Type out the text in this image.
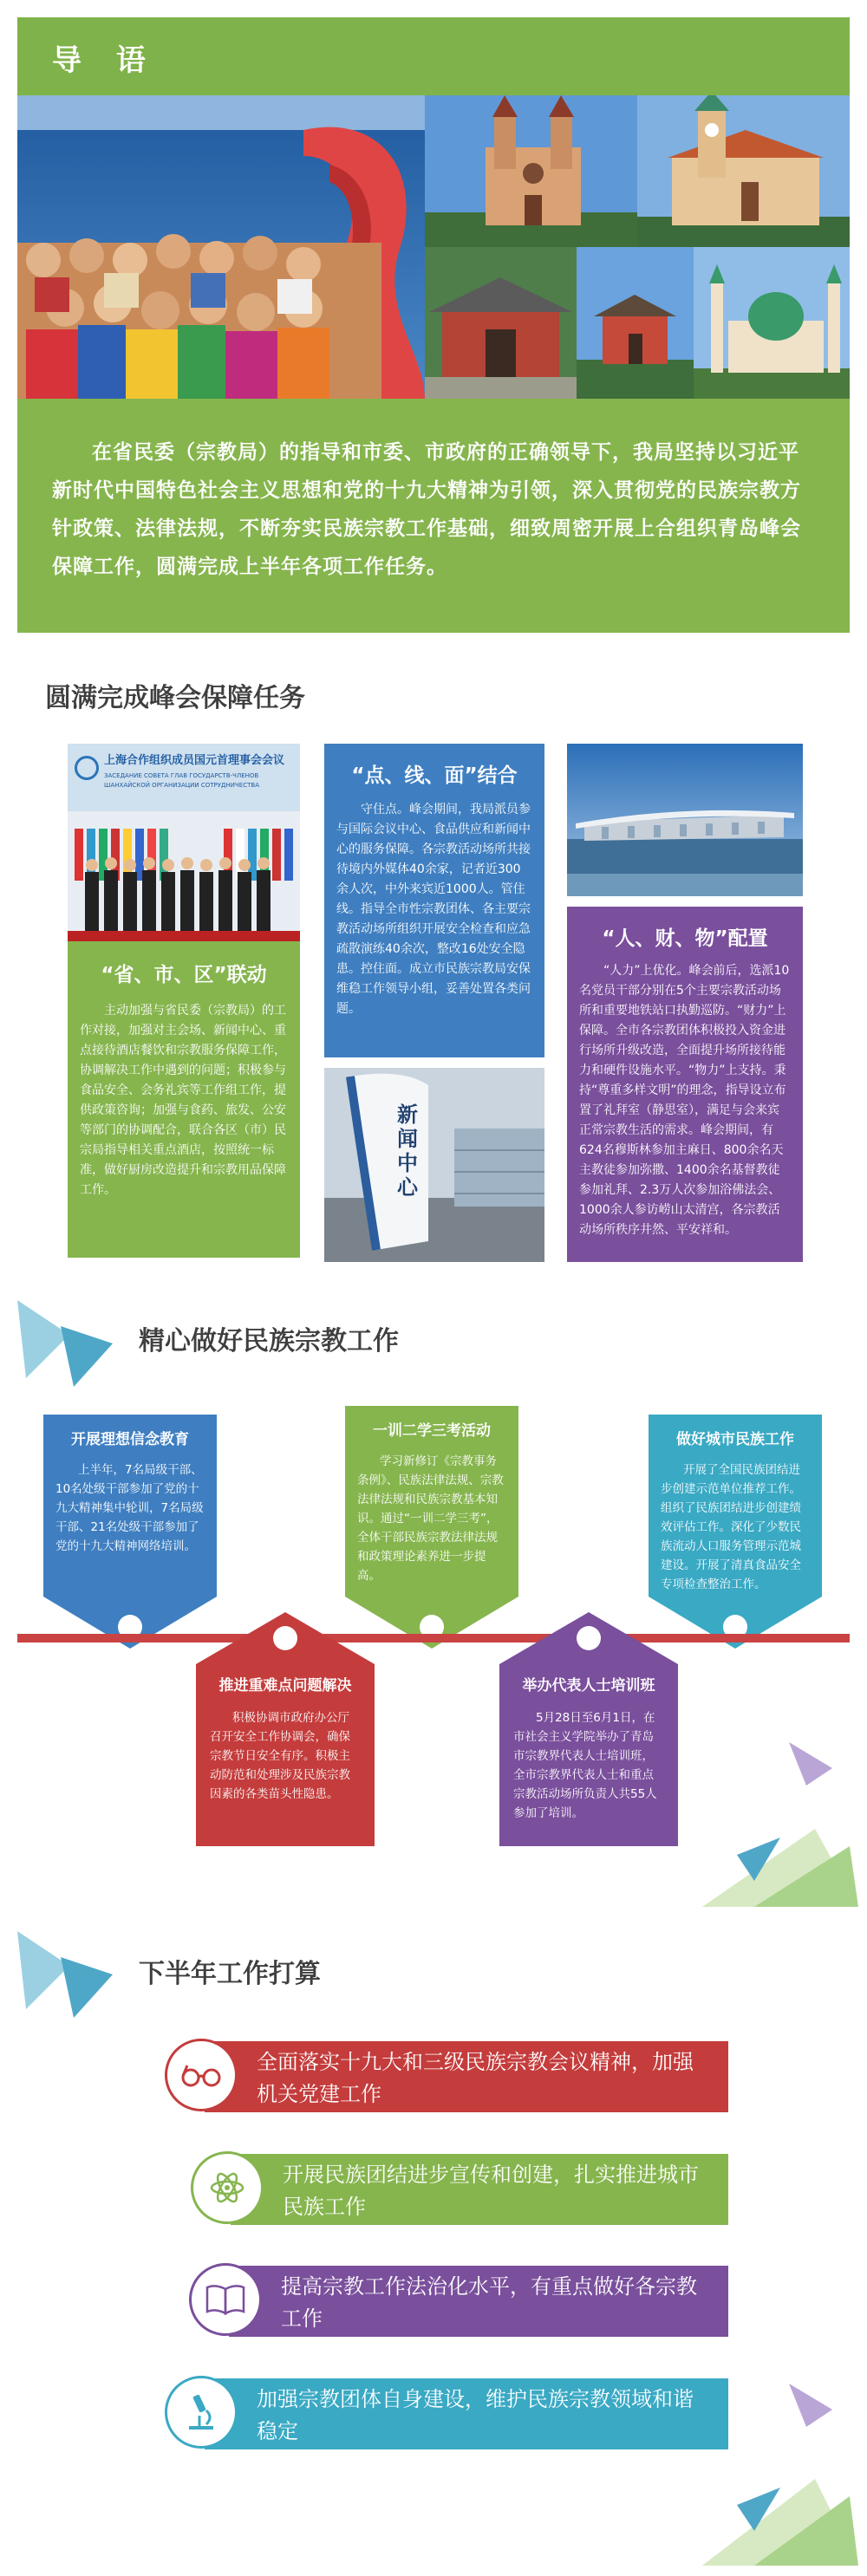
导 语

在省民委（宗教局）的指导和市委、市政府的正确领导下，我局坚持以习近平新时代中国特色社会主义思想和党的十九大精神为引领，深入贯彻党的民族宗教方针政策、法律法规，不断夯实民族宗教工作基础，细致周密开展上合组织青岛峰会保障工作，圆满完成上半年各项工作任务。

圆满完成峰会保障任务
上海合作组织成员国元首理事会会议
ЗАСЕДАНИЕ СОВЕТА ГЛАВ ГОСУДАРСТВ-ЧЛЕНОВ
ШАНХАЙСКОЙ ОРГАНИЗАЦИИ СОТРУДНИЧЕСТВА
“省、市、区”联动

主动加强与省民委（宗教局）的工作对接，加强对主会场、新闻中心、重点接待酒店餐饮和宗教服务保障工作，协调解决工作中遇到的问题；积极参与食品安全、会务礼宾等工作组工作，提供政策咨询；加强与食药、旅发、公安等部门的协调配合，联合各区（市）民宗局指导相关重点酒店，按照统一标准，做好厨房改造提升和宗教用品保障工作。

“点、线、面”结合

守住点。峰会期间，我局派员参与国际会议中心、食品供应和新闻中心的服务保障。各宗教活动场所共接待境内外媒体40余家，记者近300余人次，中外来宾近1000人。管住线。指导全市性宗教团体、各主要宗教活动场所组织开展安全检查和应急疏散演练40余次，整改16处安全隐患。控住面。成立市民族宗教局安保维稳工作领导小组，妥善处置各类问题。

新闻中心
“人、财、物”配置

“人力”上优化。峰会前后，选派10名党员干部分别在5个主要宗教活动场所和重要地铁站口执勤巡防。“财力”上保障。全市各宗教团体积极投入资金进行场所升级改造，全面提升场所接待能力和硬件设施水平。“物力”上支持。秉持“尊重多样文明”的理念，指导设立布置了礼拜室（静思室），满足与会来宾正常宗教生活的需求。峰会期间，有624名穆斯林参加主麻日、800余名天主教徒参加弥撒、1400余名基督教徒参加礼拜、2.3万人次参加浴佛法会、1000余人参访崂山太清宫，各宗教活动场所秩序井然、平安祥和。

精心做好民族宗教工作
开展理想信念教育
上半年，7名局级干部、10名处级干部参加了党的十九大精神集中轮训，7名局级干部、21名处级干部参加了党的十九大精神网络培训。
一训二学三考活动
学习新修订《宗教事务条例》、民族法律法规、宗教法律法规和民族宗教基本知识。通过“一训二学三考”，全体干部民族宗教法律法规和政策理论素养进一步提高。
做好城市民族工作
开展了全国民族团结进步创建示范单位推荐工作。组织了民族团结进步创建绩效评估工作。深化了少数民族流动人口服务管理示范城建设。开展了清真食品安全专项检查整治工作。
推进重难点问题解决
积极协调市政府办公厅召开安全工作协调会，确保宗教节日安全有序。积极主动防范和处理涉及民族宗教因素的各类苗头性隐患。
举办代表人士培训班
5月28日至6月1日，在市社会主义学院举办了青岛市宗教界代表人士培训班，全市宗教界代表人士和重点宗教活动场所负责人共55人参加了培训。
下半年工作打算
全面落实十九大和三级民族宗教会议精神，加强机关党建工作
开展民族团结进步宣传和创建，扎实推进城市民族工作
提高宗教工作法治化水平，有重点做好各宗教工作
加强宗教团体自身建设，维护民族宗教领域和谐稳定
